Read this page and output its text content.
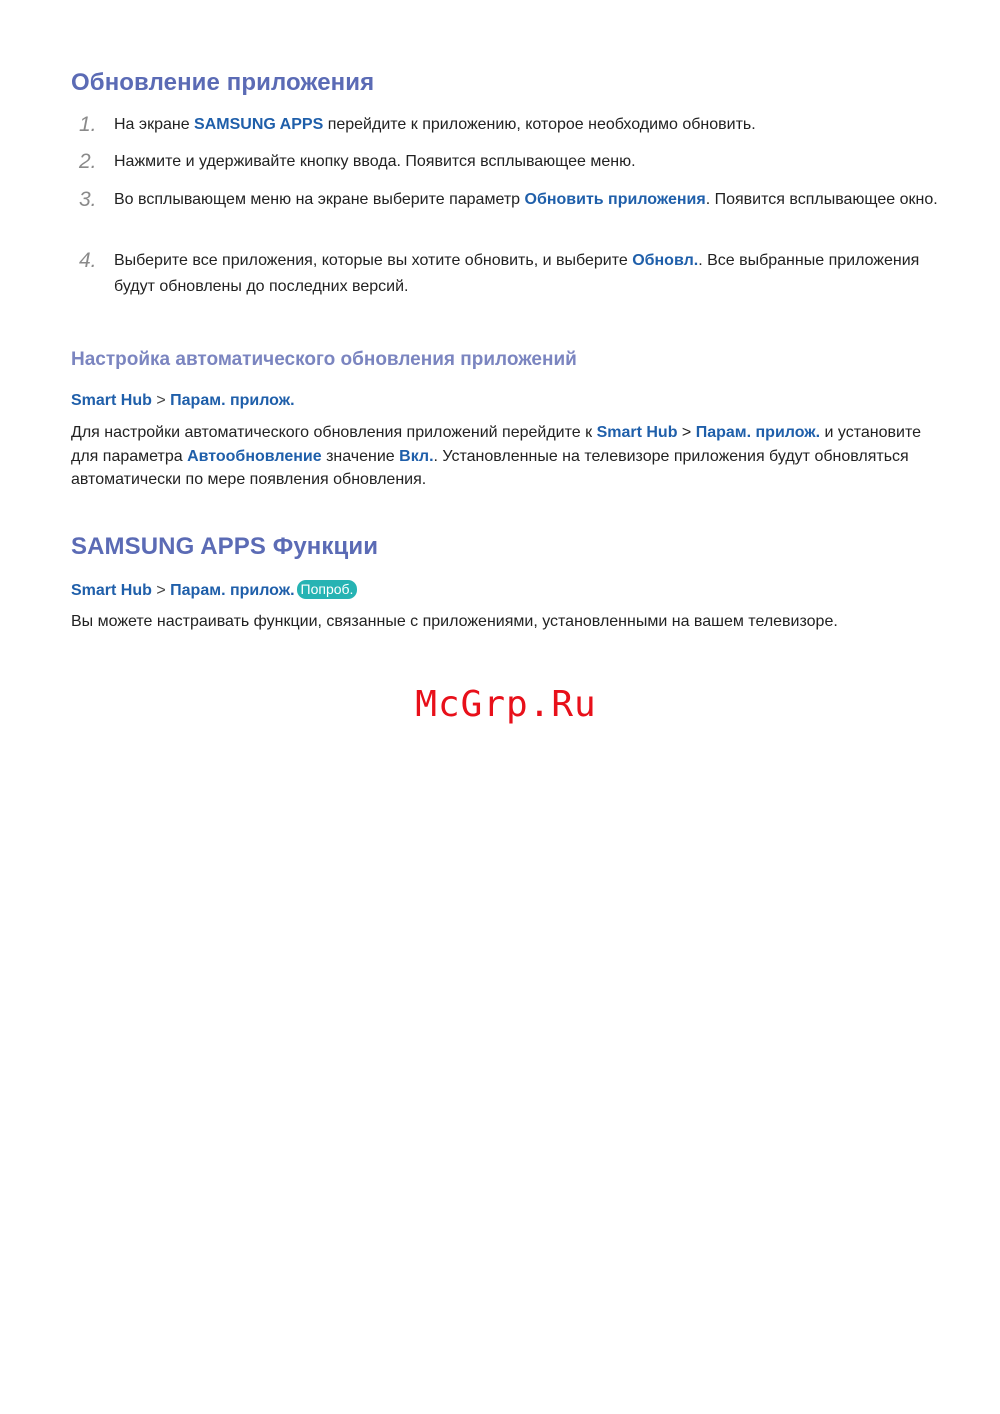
Обновление приложения
1. На экране SAMSUNG APPS перейдите к приложению, которое необходимо обновить.
2. Нажмите и удерживайте кнопку ввода. Появится всплывающее меню.
3. Во всплывающем меню на экране выберите параметр Обновить приложения. Появится всплывающее окно.
4. Выберите все приложения, которые вы хотите обновить, и выберите Обновл.. Все выбранные приложения будут обновлены до последних версий.
Настройка автоматического обновления приложений
Smart Hub > Парам. прилож.
Для настройки автоматического обновления приложений перейдите к Smart Hub > Парам. прилож. и установите для параметра Автообновление значение Вкл.. Установленные на телевизоре приложения будут обновляться автоматически по мере появления обновления.
SAMSUNG APPS Функции
Smart Hub > Парам. прилож. Попроб.
Вы можете настраивать функции, связанные с приложениями, установленными на вашем телевизоре.
McGrp.Ru
